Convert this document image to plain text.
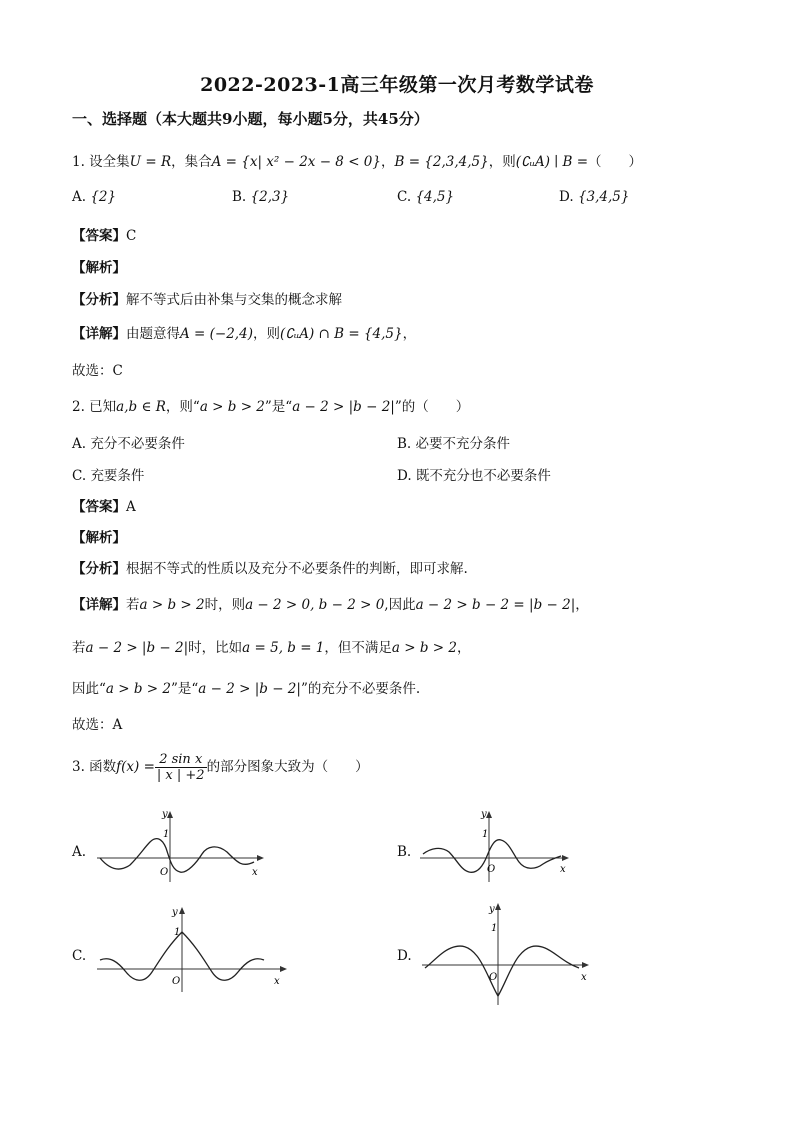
2022-2023-1高三年级第一次月考数学试卷
一、选择题（本大题共9小题，每小题5分，共45分）
1. 设全集U = R，集合A = {x| x² − 2x − 8 < 0}，B = {2,3,4,5}，则(∁ᵤA) ∣ B =（　　）
A. {2}	B. {2,3}	C. {4,5}	D. {3,4,5}
【答案】C
【解析】
【分析】解不等式后由补集与交集的概念求解
【详解】由题意得A = (−2,4)，则(∁ᵤA) ∩ B = {4,5}，
故选：C
2. 已知a,b ∈ R，则“a > b > 2”是“a − 2 > |b − 2|”的（　　）
A. 充分不必要条件	B. 必要不充分条件
C. 充要条件	D. 既不充分也不必要条件
【答案】A
【解析】
【分析】根据不等式的性质以及充分不必要条件的判断，即可求解.
【详解】若a > b > 2时，则a − 2 > 0, b − 2 > 0,因此a − 2 > b − 2 = |b − 2|，
若a − 2 > |b − 2|时，比如a = 5, b = 1，但不满足a > b > 2，
因此“a > b > 2”是“a − 2 > |b − 2|”的充分不必要条件.
故选：A
3. 函数$f(x) = \frac{\text{2 sin x}}{| x | +2}$ 的部分图象大致为（　　）
A.
y
1
O	x
B.
y
1
O	x
C.
y
1
O	x
D.
y
1
O	x
